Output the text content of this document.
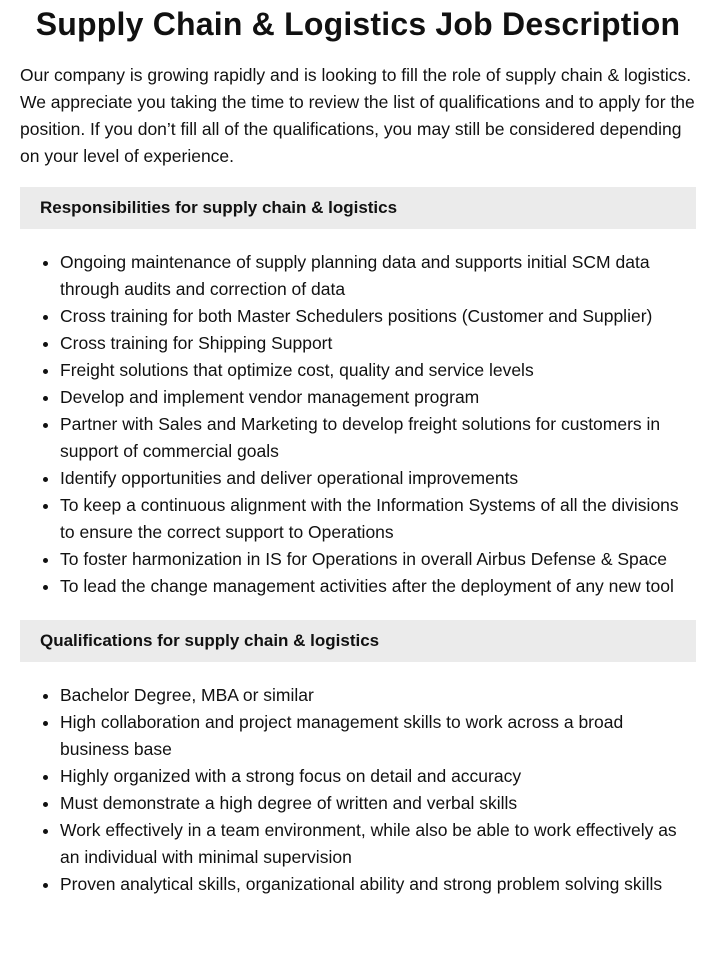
Supply Chain & Logistics Job Description

Our company is growing rapidly and is looking to fill the role of supply chain & logistics. We appreciate you taking the time to review the list of qualifications and to apply for the position. If you don’t fill all of the qualifications, you may still be considered depending on your level of experience.

Responsibilities for supply chain & logistics
• Ongoing maintenance of supply planning data and supports initial SCM data through audits and correction of data
• Cross training for both Master Schedulers positions (Customer and Supplier)
• Cross training for Shipping Support
• Freight solutions that optimize cost, quality and service levels
• Develop and implement vendor management program
• Partner with Sales and Marketing to develop freight solutions for customers in support of commercial goals
• Identify opportunities and deliver operational improvements
• To keep a continuous alignment with the Information Systems of all the divisions to ensure the correct support to Operations
• To foster harmonization in IS for Operations in overall Airbus Defense & Space
• To lead the change management activities after the deployment of any new tool
Qualifications for supply chain & logistics
• Bachelor Degree, MBA or similar
• High collaboration and project management skills to work across a broad business base
• Highly organized with a strong focus on detail and accuracy
• Must demonstrate a high degree of written and verbal skills
• Work effectively in a team environment, while also be able to work effectively as an individual with minimal supervision
• Proven analytical skills, organizational ability and strong problem solving skills
